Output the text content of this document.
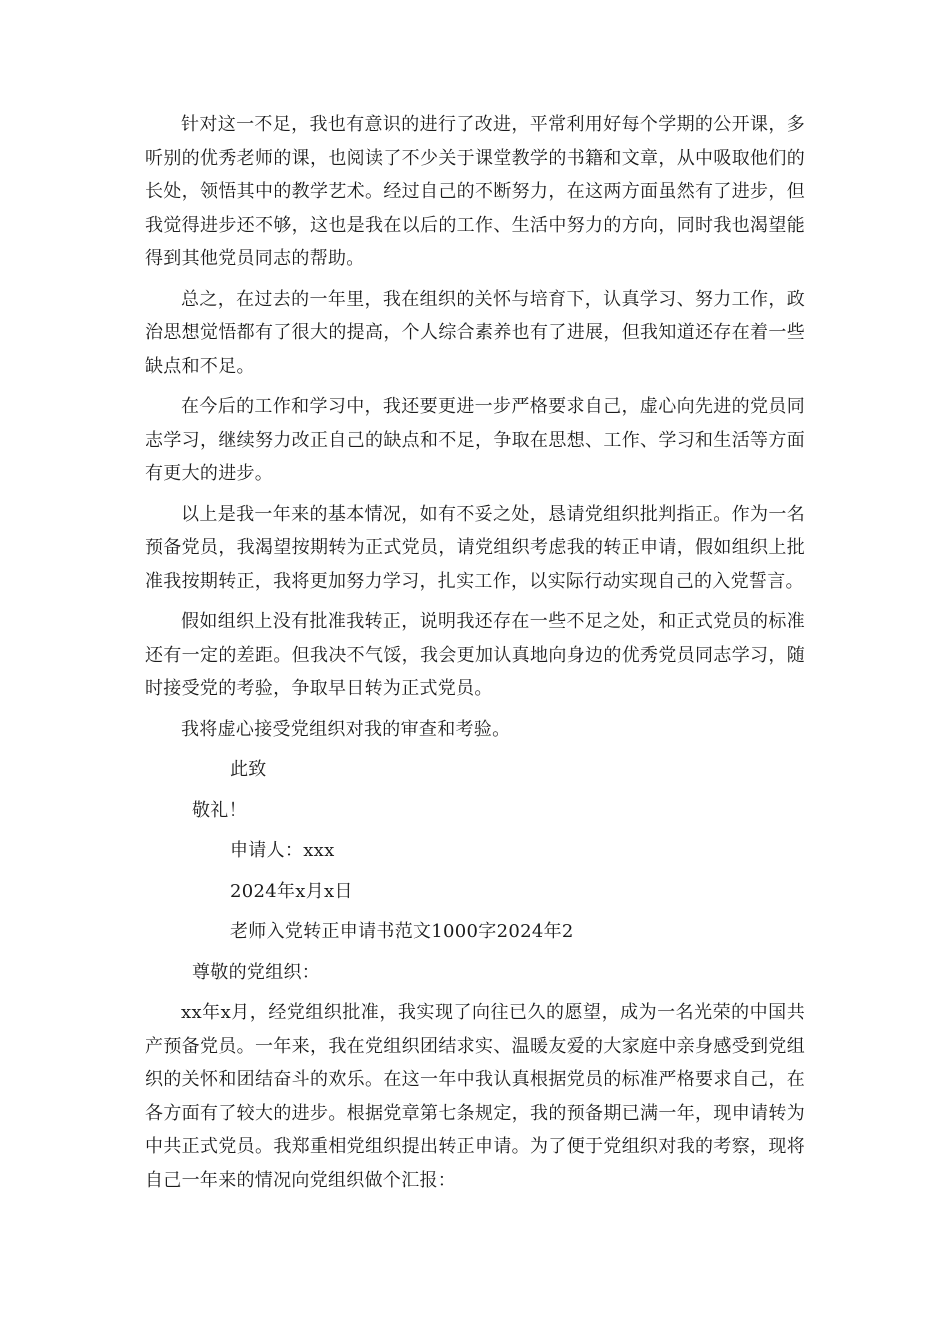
针对这一不足，我也有意识的进行了改进，平常利用好每个学期的公开课，多听别的优秀老师的课，也阅读了不少关于课堂教学的书籍和文章，从中吸取他们的长处，领悟其中的教学艺术。经过自己的不断努力，在这两方面虽然有了进步，但我觉得进步还不够，这也是我在以后的工作、生活中努力的方向，同时我也渴望能得到其他党员同志的帮助。

总之，在过去的一年里，我在组织的关怀与培育下，认真学习、努力工作，政治思想觉悟都有了很大的提高，个人综合素养也有了进展，但我知道还存在着一些缺点和不足。

在今后的工作和学习中，我还要更进一步严格要求自己，虚心向先进的党员同志学习，继续努力改正自己的缺点和不足，争取在思想、工作、学习和生活等方面有更大的进步。

以上是我一年来的基本情况，如有不妥之处，恳请党组织批判指正。作为一名预备党员，我渴望按期转为正式党员，请党组织考虑我的转正申请，假如组织上批准我按期转正，我将更加努力学习，扎实工作，以实际行动实现自己的入党誓言。

假如组织上没有批准我转正，说明我还存在一些不足之处，和正式党员的标准还有一定的差距。但我决不气馁，我会更加认真地向身边的优秀党员同志学习，随时接受党的考验，争取早日转为正式党员。

我将虚心接受党组织对我的审查和考验。

此致

敬礼！

申请人：xxx

2024年x月x日

老师入党转正申请书范文1000字2024年2

尊敬的党组织：

xx年x月，经党组织批准，我实现了向往已久的愿望，成为一名光荣的中国共产预备党员。一年来，我在党组织团结求实、温暖友爱的大家庭中亲身感受到党组织的关怀和团结奋斗的欢乐。在这一年中我认真根据党员的标准严格要求自己，在各方面有了较大的进步。根据党章第七条规定，我的预备期已满一年，现申请转为中共正式党员。我郑重相党组织提出转正申请。为了便于党组织对我的考察，现将自己一年来的情况向党组织做个汇报：
